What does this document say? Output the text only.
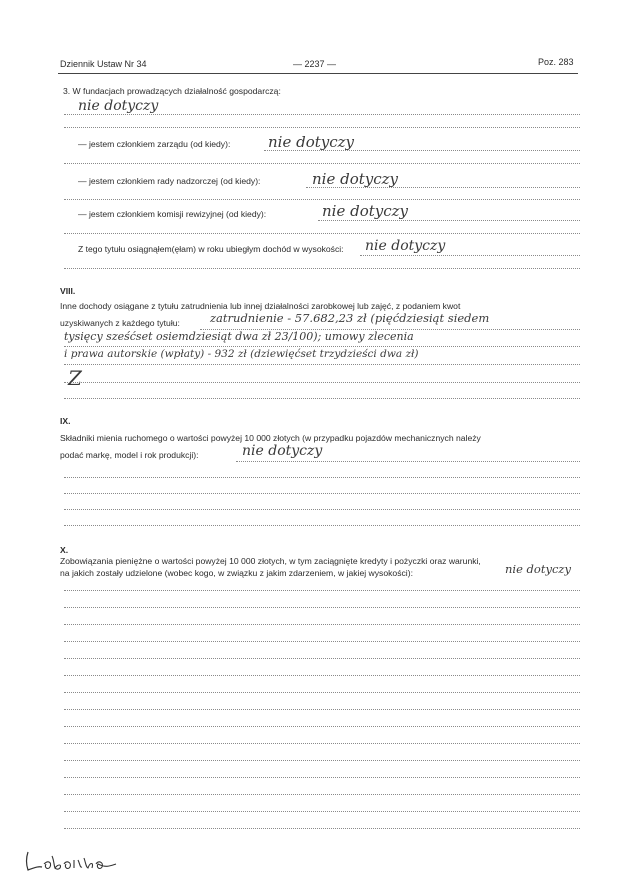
Dziennik Ustaw Nr 34	— 2237 —	Poz. 283
3. W fundacjach prowadzących działalność gospodarczą:
nie dotyczy
— jestem członkiem zarządu (od kiedy):	nie dotyczy
— jestem członkiem rady nadzorczej (od kiedy):	nie dotyczy
— jestem członkiem komisji rewizyjnej (od kiedy):	nie dotyczy
Z tego tytułu osiągnąłem(ęłam) w roku ubiegłym dochód w wysokości: nie dotyczy
VIII.
Inne dochody osiągane z tytułu zatrudnienia lub innej działalności zarobkowej lub zajęć, z podaniem kwot
uzyskiwanych z każdego tytułu:	zatrudnienie - 57.682,23 zł (pięćdziesiąt siedem
tysięcy sześćset osiemdziesiąt dwa zł 23/100); umowy zlecenia
i prawa autorskie (wpłaty) - 932 zł (dziewięćset trzydzieści dwa zł)
Z
IX.
Składniki mienia ruchomego o wartości powyżej 10 000 złotych (w przypadku pojazdów mechanicznych należy
podać markę, model i rok produkcji):	nie dotyczy
X.
Zobowiązania pieniężne o wartości powyżej 10 000 złotych, w tym zaciągnięte kredyty i pożyczki oraz warunki,
na jakich zostały udzielone (wobec kogo, w związku z jakim zdarzeniem, w jakiej wysokości):	nie dotyczy
